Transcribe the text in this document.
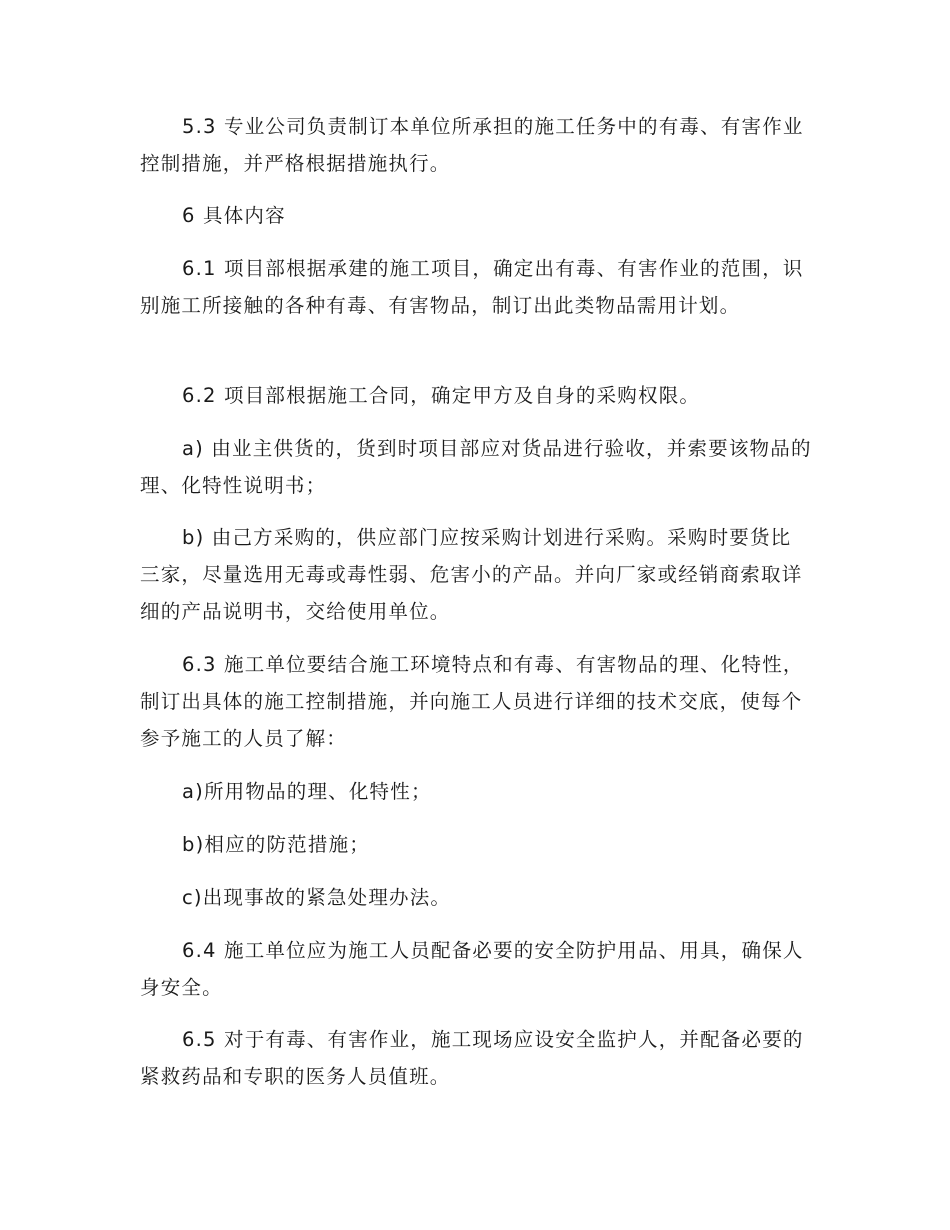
5.3 专业公司负责制订本单位所承担的施工任务中的有毒、有害作业控制措施，并严格根据措施执行。

6 具体内容

6.1 项目部根据承建的施工项目，确定出有毒、有害作业的范围，识别施工所接触的各种有毒、有害物品，制订出此类物品需用计划。

6.2 项目部根据施工合同，确定甲方及自身的采购权限。

a) 由业主供货的，货到时项目部应对货品进行验收，并索要该物品的理、化特性说明书；

b) 由己方采购的，供应部门应按采购计划进行采购。采购时要货比三家，尽量选用无毒或毒性弱、危害小的产品。并向厂家或经销商索取详细的产品说明书，交给使用单位。

6.3 施工单位要结合施工环境特点和有毒、有害物品的理、化特性，制订出具体的施工控制措施，并向施工人员进行详细的技术交底，使每个参予施工的人员了解：

a)所用物品的理、化特性；

b)相应的防范措施；

c)出现事故的紧急处理办法。

6.4 施工单位应为施工人员配备必要的安全防护用品、用具，确保人身安全。

6.5 对于有毒、有害作业，施工现场应设安全监护人，并配备必要的紧救药品和专职的医务人员值班。
